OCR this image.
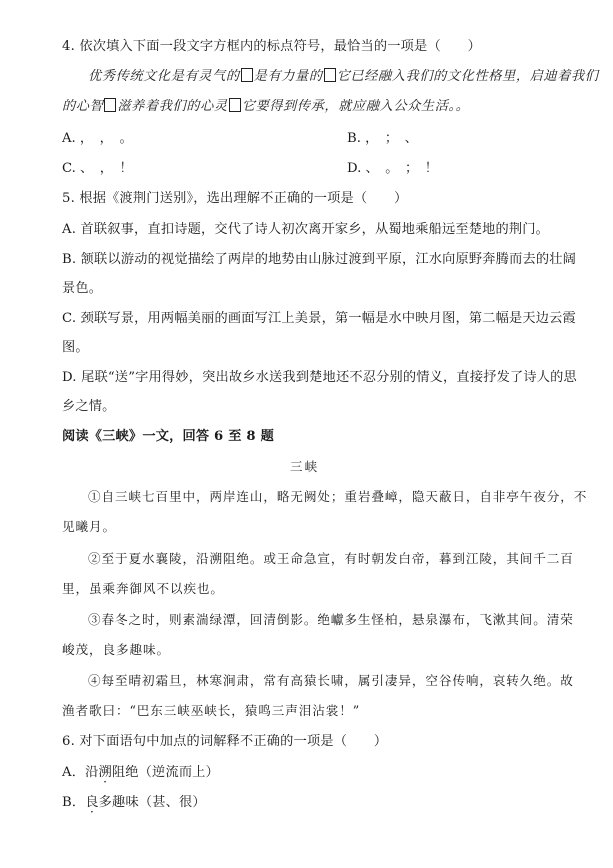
4. 依次填入下面一段文字方框内的标点符号，最恰当的一项是（　　）
优秀传统文化是有灵气的 是有力量的 它已经融入我们的文化性格里，启迪着我们
的心智 滋养着我们的心灵 它要得到传承，就应融入公众生活。。
A. ，　，　。	B. ，　；　、
C. 、　，　！	D. 、　。　；　！
5. 根据《渡荆门送别》，选出理解不正确的一项是（　　）
A. 首联叙事，直扣诗题，交代了诗人初次离开家乡，从蜀地乘船远至楚地的荆门。
B. 颔联以游动的视觉描绘了两岸的地势由山脉过渡到平原，江水向原野奔腾而去的壮阔
景色。
C. 颈联写景，用两幅美丽的画面写江上美景，第一幅是水中映月图，第二幅是天边云霞
图。
D. 尾联“送”字用得妙，突出故乡水送我到楚地还不忍分别的情义，直接抒发了诗人的思
乡之情。
阅读《三峡》一文，回答 6 至 8 题
三峡
①自三峡七百里中，两岸连山，略无阙处；重岩叠嶂，隐天蔽日，自非亭午夜分，不
见曦月。
②至于夏水襄陵，沿溯阻绝。或王命急宣，有时朝发白帝，暮到江陵，其间千二百
里，虽乘奔御风不以疾也。
③春冬之时，则素湍绿潭，回清倒影。绝巘多生怪柏，悬泉瀑布，飞漱其间。清荣
峻茂，良多趣味。
④每至晴初霜旦，林寒涧肃，常有高猿长啸，属引凄异，空谷传响，哀转久绝。故
渔者歌曰：“巴东三峡巫峡长，猿鸣三声泪沾裳！”
6. 对下面语句中加点的词解释不正确的一项是（　　）
A．沿溯阻绝（逆流而上）
B．良多趣味（甚、很）
